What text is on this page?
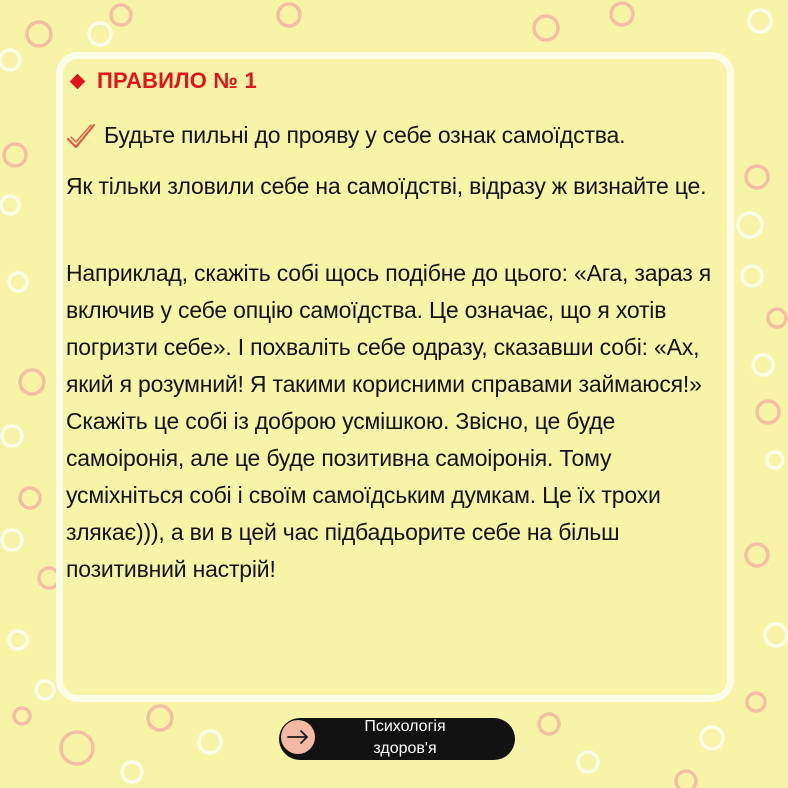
ПРАВИЛО № 1
Будьте пильні до прояву у себе ознак самоїдства.
Як тільки зловили себе на самоїдстві, відразу ж визнайте це.
Наприклад, скажіть собі щось подібне до цього: «Ага, зараз я включив у себе опцію самоїдства. Це означає, що я хотів погризти себе». І похваліть себе одразу, сказавши собі: «Ах, який я розумний! Я такими корисними справами займаюся!» Скажіть це собі із доброю усмішкою. Звісно, це буде самоіронія, але це буде позитивна самоіронія. Тому усміхніться собі і своїм самоїдським думкам. Це їх трохи злякає))), а ви в цей час підбадьорите себе на більш позитивний настрій!
Психологія
здоров'я
